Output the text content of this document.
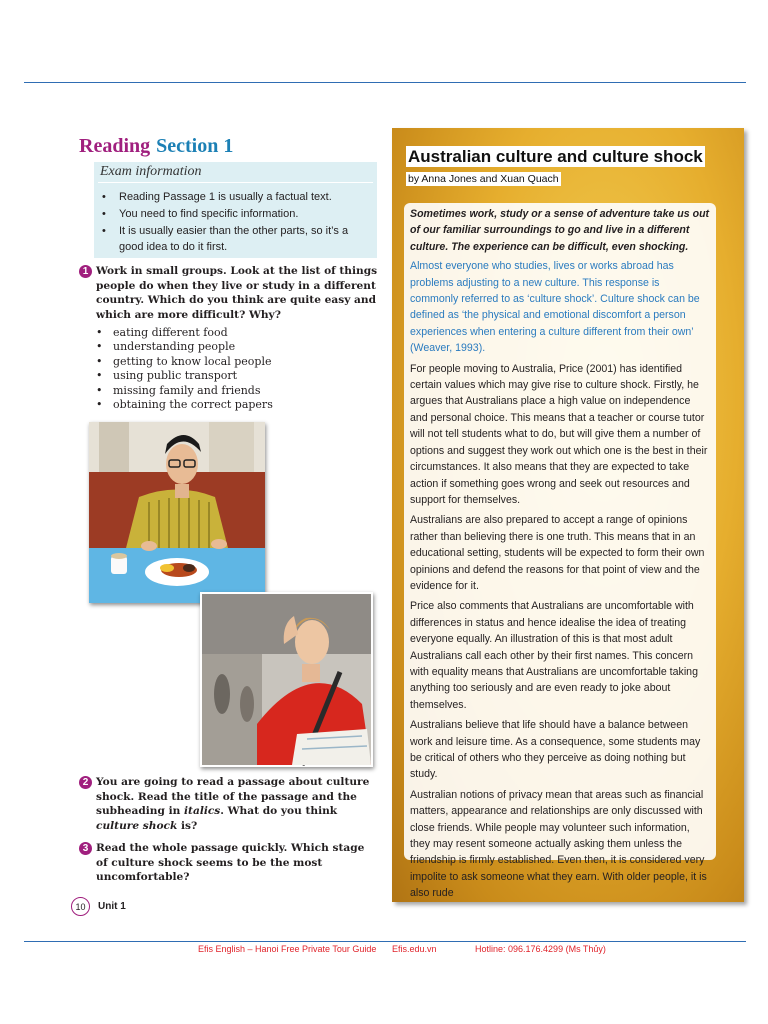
Reading Section 1
Exam information
• Reading Passage 1 is usually a factual text.
• You need to find specific information.
• It is usually easier than the other parts, so it’s a good idea to do it first.
1 Work in small groups. Look at the list of things people do when they live or study in a different country. Which do you think are quite easy and which are more difficult? Why?
• eating different food
• understanding people
• getting to know local people
• using public transport
• missing family and friends
• obtaining the correct papers
2 You are going to read a passage about culture shock. Read the title of the passage and the subheading in italics. What do you think culture shock is?
3 Read the whole passage quickly. Which stage of culture shock seems to be the most uncomfortable?
10	Unit 1
Australian culture and culture shock
by Anna Jones and Xuan Quach

Sometimes work, study or a sense of adventure take us out of our familiar surroundings to go and live in a different culture. The experience can be difficult, even shocking.

Almost everyone who studies, lives or works abroad has problems adjusting to a new culture. This response is commonly referred to as ‘culture shock’. Culture shock can be defined as ‘the physical and emotional discomfort a person experiences when entering a culture different from their own’ (Weaver, 1993).

For people moving to Australia, Price (2001) has identified certain values which may give rise to culture shock. Firstly, he argues that Australians place a high value on independence and personal choice. This means that a teacher or course tutor will not tell students what to do, but will give them a number of options and suggest they work out which one is the best in their circumstances. It also means that they are expected to take action if something goes wrong and seek out resources and support for themselves.

Australians are also prepared to accept a range of opinions rather than believing there is one truth. This means that in an educational setting, students will be expected to form their own opinions and defend the reasons for that point of view and the evidence for it.

Price also comments that Australians are uncomfortable with differences in status and hence idealise the idea of treating everyone equally. An illustration of this is that most adult Australians call each other by their first names. This concern with equality means that Australians are uncomfortable taking anything too seriously and are even ready to joke about themselves.

Australians believe that life should have a balance between work and leisure time. As a consequence, some students may be critical of others who they perceive as doing nothing but study.

Australian notions of privacy mean that areas such as financial matters, appearance and relationships are only discussed with close friends. While people may volunteer such information, they may resent someone actually asking them unless the friendship is firmly established. Even then, it is considered very impolite to ask someone what they earn. With older people, it is also rude

Efis English – Hanoi Free Private Tour Guide Efis.edu.vn	Hotline: 096.176.4299 (Ms Thủy)
